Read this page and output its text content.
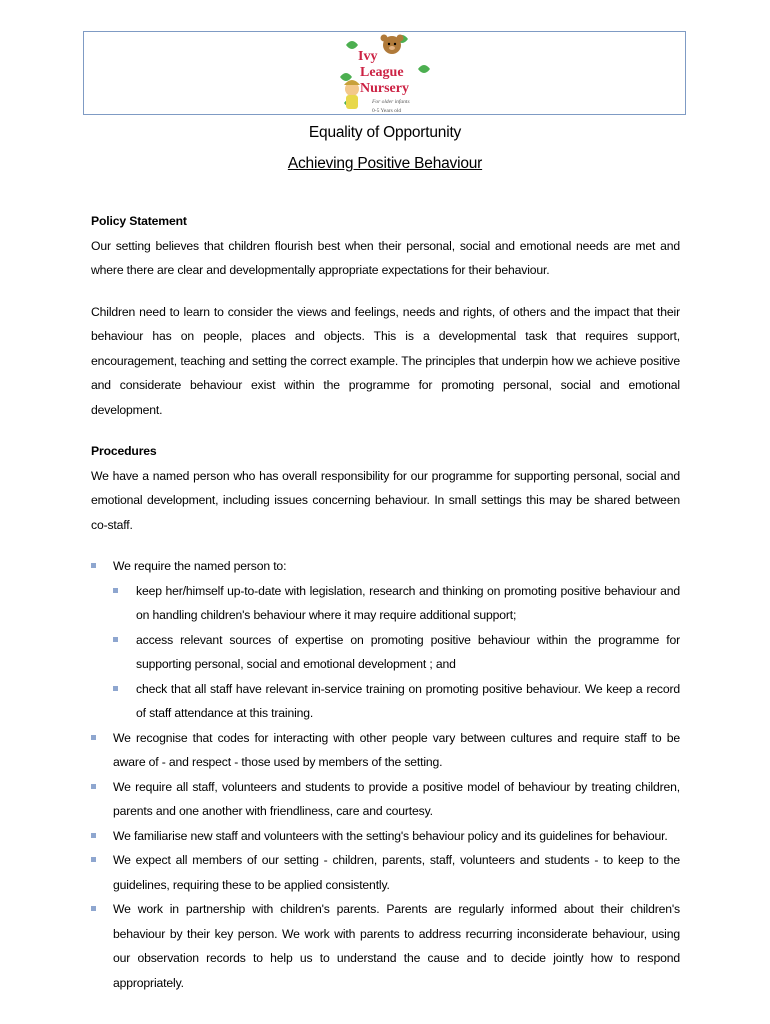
Ivy
League
Nursery
For older infants
0-5 Years old
Equality of Opportunity
Achieving Positive Behaviour

Policy Statement

Our setting believes that children flourish best when their personal, social and emotional needs are met and where there are clear and developmentally appropriate expectations for their behaviour.

Children need to learn to consider the views and feelings, needs and rights, of others and the impact that their behaviour has on people, places and objects. This is a developmental task that requires support, encouragement, teaching and setting the correct example. The principles that underpin how we achieve positive and considerate behaviour exist within the programme for promoting personal, social and emotional development.

Procedures

We have a named person who has overall responsibility for our programme for supporting personal, social and emotional development, including issues concerning behaviour. In small settings this may be shared between co-staff.

We require the named person to:
keep her/himself up-to-date with legislation, research and thinking on promoting positive behaviour and on handling children's behaviour where it may require additional support;
access relevant sources of expertise on promoting positive behaviour within the programme for supporting personal, social and emotional development ; and
check that all staff have relevant in-service training on promoting positive behaviour. We keep a record of staff attendance at this training.
We recognise that codes for interacting with other people vary between cultures and require staff to be aware of - and respect - those used by members of the setting.
We require all staff, volunteers and students to provide a positive model of behaviour by treating children, parents and one another with friendliness, care and courtesy.
We familiarise new staff and volunteers with the setting's behaviour policy and its guidelines for behaviour.
We expect all members of our setting - children, parents, staff, volunteers and students - to keep to the guidelines, requiring these to be applied consistently.
We work in partnership with children's parents. Parents are regularly informed about their children's behaviour by their key person. We work with parents to address recurring inconsiderate behaviour, using our observation records to help us to understand the cause and to decide jointly how to respond appropriately.
